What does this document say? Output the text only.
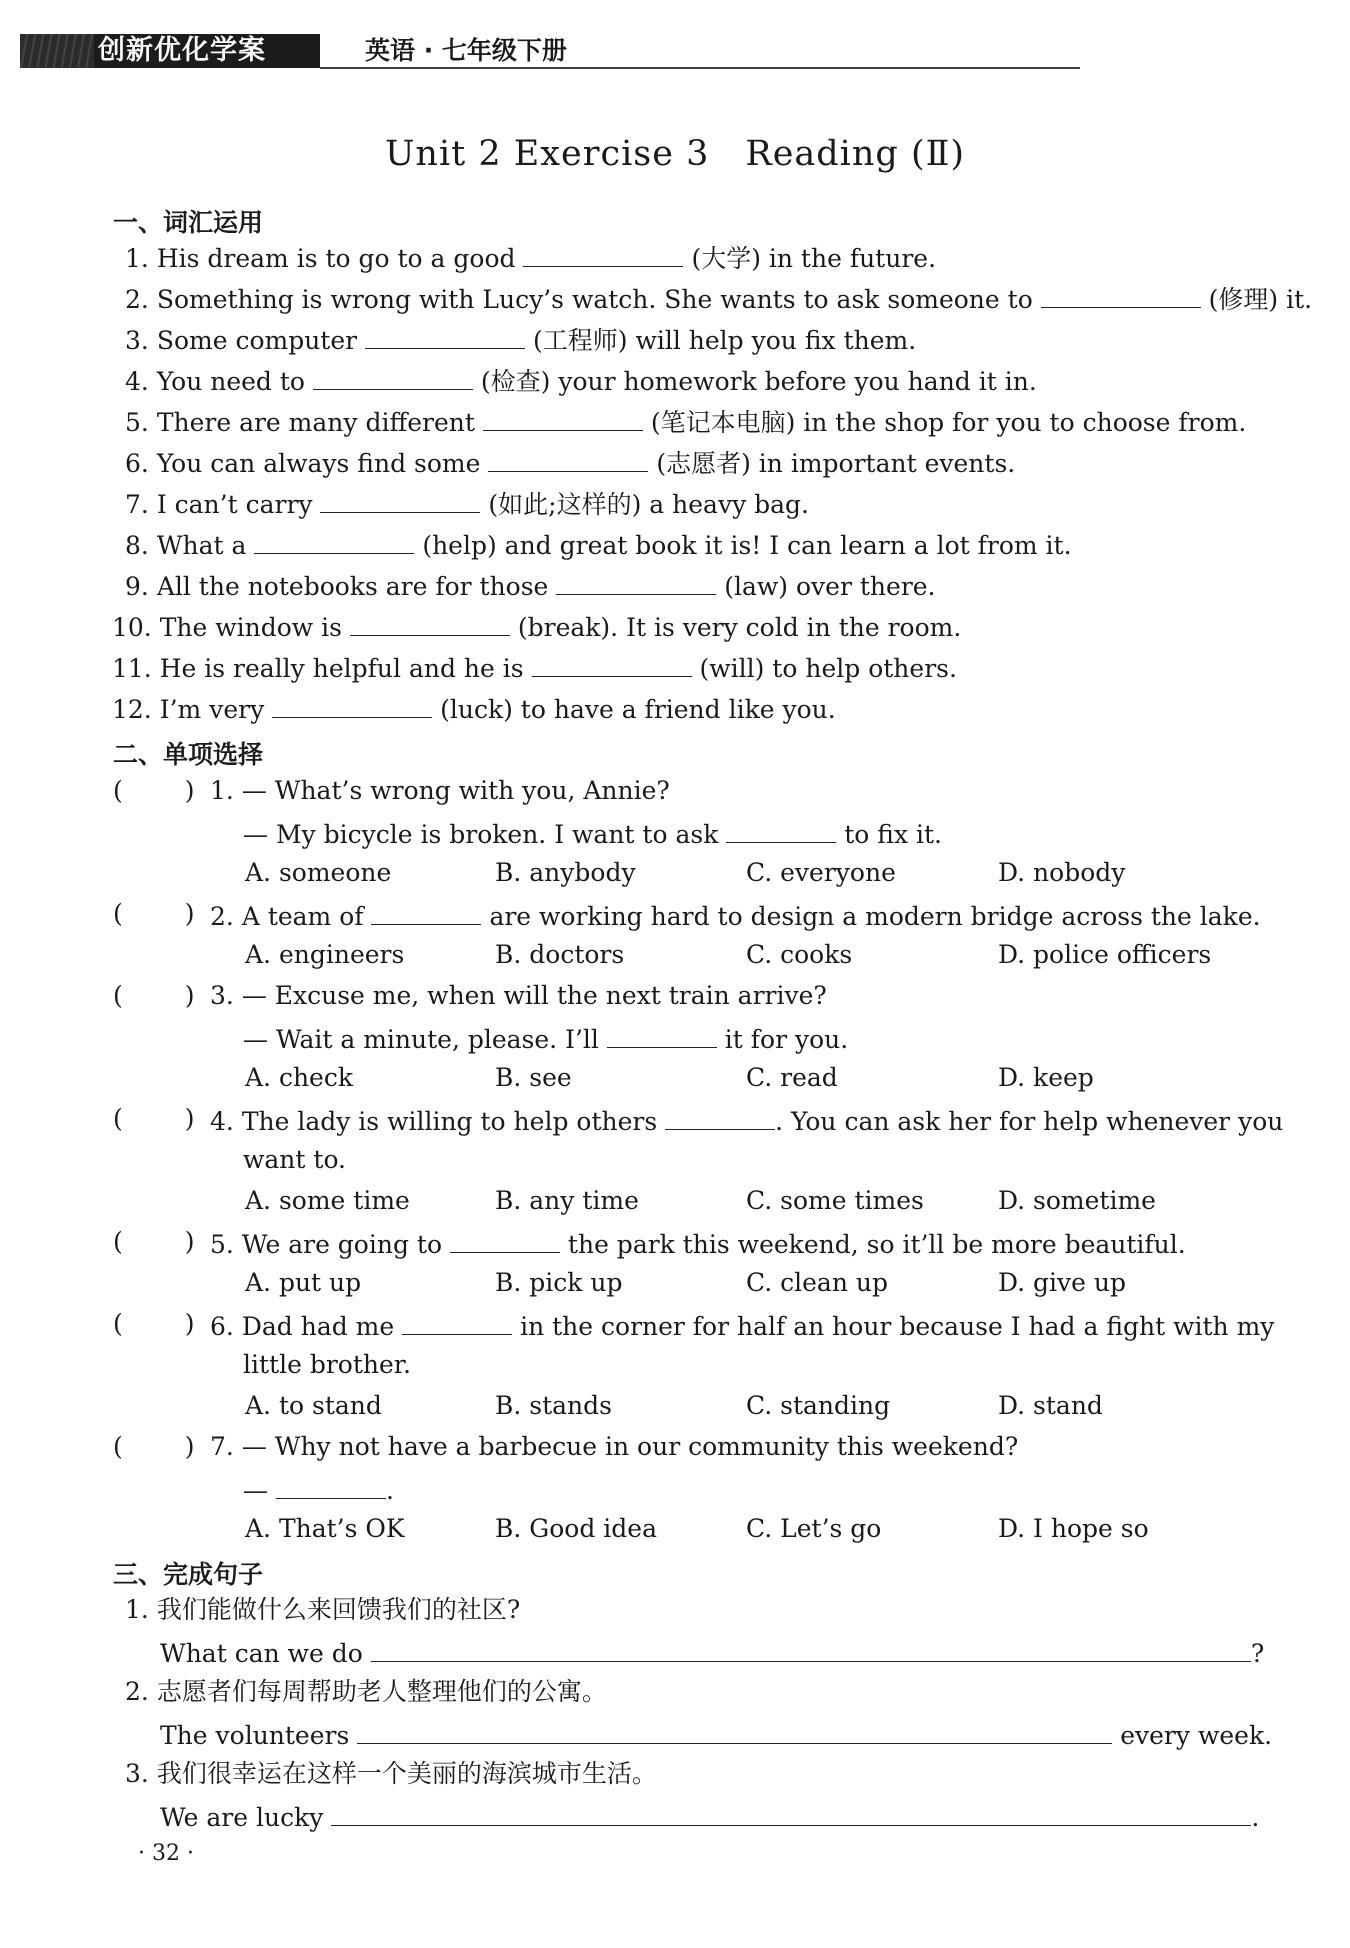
创新优化学案	英语 · 七年级下册
Unit 2 Exercise 3　Reading (Ⅱ)
一、词汇运用
1. His dream is to go to a good	(大学) in the future.
2. Something is wrong with Lucy’s watch. She wants to ask someone to	(修理) it.
3. Some computer	(工程师) will help you fix them.
4. You need to	(检查) your homework before you hand it in.
5. There are many different	(笔记本电脑) in the shop for you to choose from.
6. You can always find some	(志愿者) in important events.
7. I can’t carry	(如此;这样的) a heavy bag.
8. What a	(help) and great book it is! I can learn a lot from it.
9. All the notebooks are for those	(law) over there.
10. The window is	(break). It is very cold in the room.
11. He is really helpful and he is	(will) to help others.
12. I’m very	(luck) to have a friend like you.
二、单项选择
( ) 1. — What’s wrong with you, Annie?
— My bicycle is broken. I want to ask	to fix it.
A. someone	B. anybody	C. everyone	D. nobody
( ) 2. A team of	are working hard to design a modern bridge across the lake.
A. engineers	B. doctors	C. cooks	D. police officers
( ) 3. — Excuse me, when will the next train arrive?
— Wait a minute, please. I’ll	it for you.
A. check	B. see	C. read	D. keep
( ) 4. The lady is willing to help others	. You can ask her for help whenever you
want to.
A. some time	B. any time	C. some times	D. sometime
( ) 5. We are going to	the park this weekend, so it’ll be more beautiful.
A. put up	B. pick up	C. clean up	D. give up
( ) 6. Dad had me	in the corner for half an hour because I had a fight with my
little brother.
A. to stand	B. stands	C. standing	D. stand
( ) 7. — Why not have a barbecue in our community this weekend?
—	.
A. That’s OK	B. Good idea	C. Let’s go	D. I hope so
三、完成句子
1. 我们能做什么来回馈我们的社区?
What can we do	?
2. 志愿者们每周帮助老人整理他们的公寓。
The volunteers	every week.
3. 我们很幸运在这样一个美丽的海滨城市生活。
We are lucky	.
· 32 ·
